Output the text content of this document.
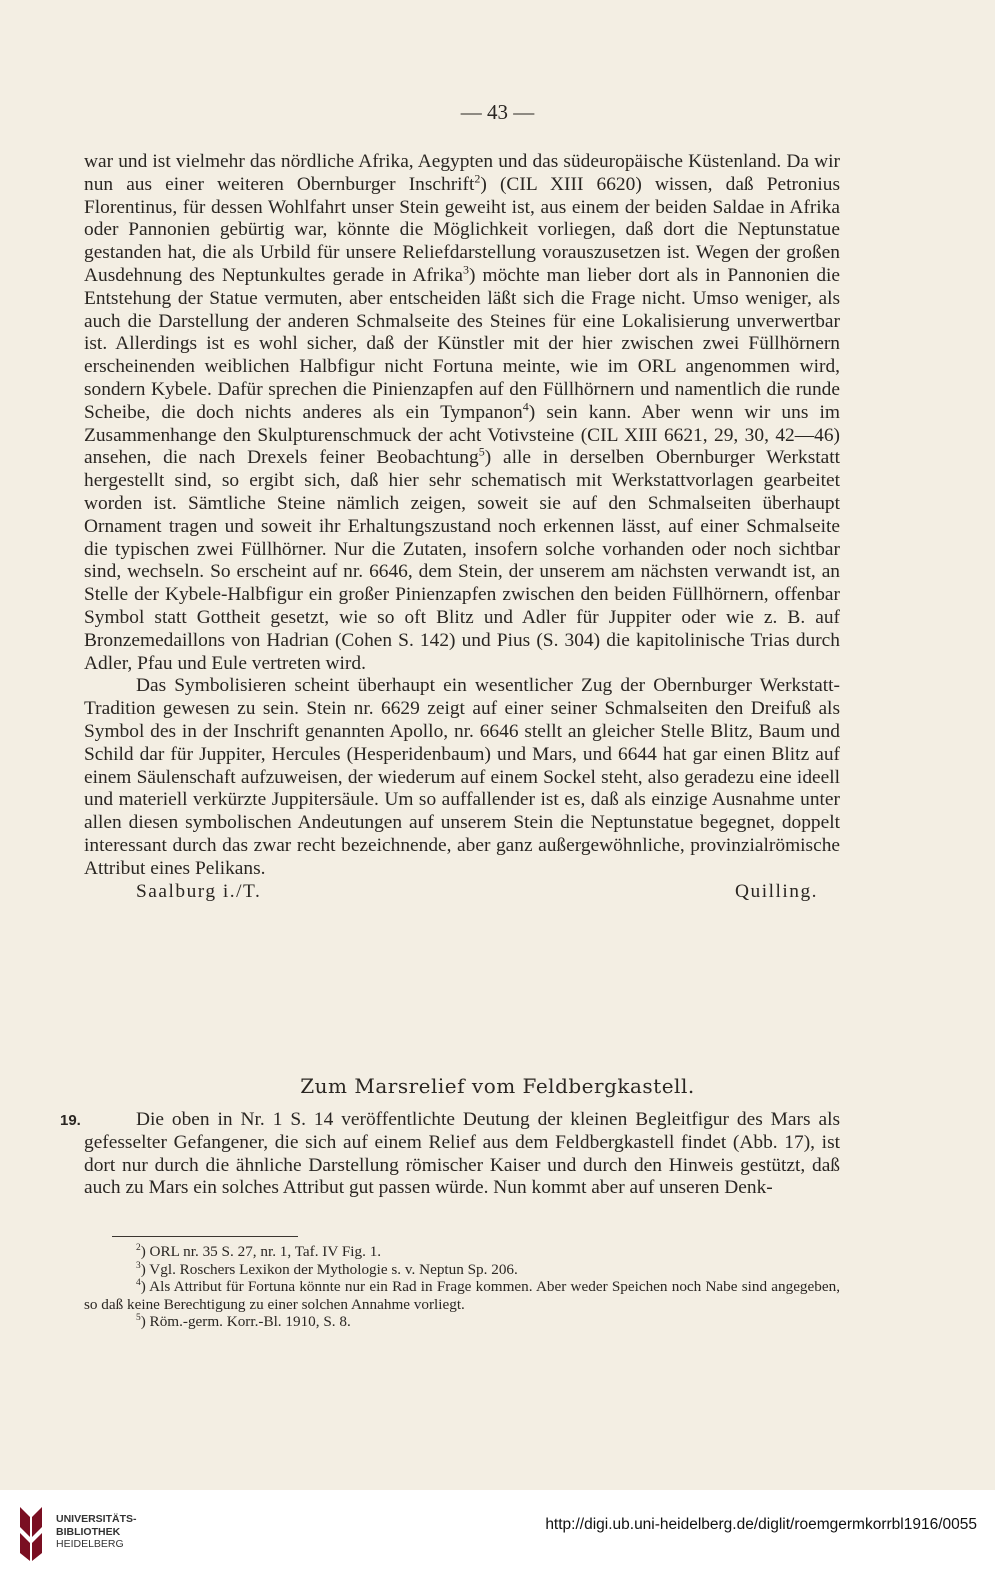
— 43 —

war und ist vielmehr das nördliche Afrika, Aegypten und das südeuropäische Küstenland. Da wir nun aus einer weiteren Obernburger Inschrift$^2$) (CIL XIII 6620) wissen, daß Petronius Florentinus, für dessen Wohlfahrt unser Stein geweiht ist, aus einem der beiden Saldae in Afrika oder Pannonien gebürtig war, könnte die Möglichkeit vorliegen, daß dort die Neptunstatue gestanden hat, die als Urbild für unsere Reliefdarstellung vorauszusetzen ist. Wegen der großen Ausdehnung des Neptunkultes gerade in Afrika$^3$) möchte man lieber dort als in Pannonien die Entstehung der Statue vermuten, aber entscheiden läßt sich die Frage nicht. Umso weniger, als auch die Darstellung der anderen Schmalseite des Steines für eine Lokalisierung unverwertbar ist. Allerdings ist es wohl sicher, daß der Künstler mit der hier zwischen zwei Füllhörnern erscheinenden weiblichen Halbfigur nicht Fortuna meinte, wie im ORL angenommen wird, sondern Kybele. Dafür sprechen die Pinienzapfen auf den Füllhörnern und namentlich die runde Scheibe, die doch nichts anderes als ein Tympanon$^4$) sein kann. Aber wenn wir uns im Zusammenhange den Skulpturenschmuck der acht Votivsteine (CIL XIII 6621, 29, 30, 42—46) ansehen, die nach Drexels feiner Beobachtung$^5$) alle in derselben Obernburger Werkstatt hergestellt sind, so ergibt sich, daß hier sehr schematisch mit Werkstattvorlagen gearbeitet worden ist. Sämtliche Steine nämlich zeigen, soweit sie auf den Schmalseiten überhaupt Ornament tragen und soweit ihr Erhaltungszustand noch erkennen lässt, auf einer Schmalseite die typischen zwei Füllhörner. Nur die Zutaten, insofern solche vorhanden oder noch sichtbar sind, wechseln. So erscheint auf nr. 6646, dem Stein, der unserem am nächsten verwandt ist, an Stelle der Kybele-Halbfigur ein großer Pinienzapfen zwischen den beiden Füllhörnern, offenbar Symbol statt Gottheit gesetzt, wie so oft Blitz und Adler für Juppiter oder wie z. B. auf Bronzemedaillons von Hadrian (Cohen S. 142) und Pius (S. 304) die kapitolinische Trias durch Adler, Pfau und Eule vertreten wird.

Das Symbolisieren scheint überhaupt ein wesentlicher Zug der Obernburger Werkstatt-Tradition gewesen zu sein. Stein nr. 6629 zeigt auf einer seiner Schmalseiten den Dreifuß als Symbol des in der Inschrift genannten Apollo, nr. 6646 stellt an gleicher Stelle Blitz, Baum und Schild dar für Juppiter, Hercules (Hesperidenbaum) und Mars, und 6644 hat gar einen Blitz auf einem Säulenschaft aufzuweisen, der wiederum auf einem Sockel steht, also geradezu eine ideell und materiell verkürzte Juppitersäule. Um so auffallender ist es, daß als einzige Ausnahme unter allen diesen symbolischen Andeutungen auf unserem Stein die Neptunstatue begegnet, doppelt interessant durch das zwar recht bezeichnende, aber ganz außergewöhnliche, provinzialrömische Attribut eines Pelikans.

Saalburg i./T.	Quilling.
Zum Marsrelief vom Feldbergkastell.
19.	Die oben in Nr. 1 S. 14 veröffentlichte Deutung der kleinen Begleitfigur des Mars als gefesselter Gefangener, die sich auf einem Relief aus dem Feldbergkastell findet (Abb. 17), ist dort nur durch die ähnliche Darstellung römischer Kaiser und durch den Hinweis gestützt, daß auch zu Mars ein solches Attribut gut passen würde. Nun kommt aber auf unseren Denk-

$^2$) ORL nr. 35 S. 27, nr. 1, Taf. IV Fig. 1.

$^3$) Vgl. Roschers Lexikon der Mythologie s. v. Neptun Sp. 206.

$^4$) Als Attribut für Fortuna könnte nur ein Rad in Frage kommen. Aber weder Speichen noch Nabe sind angegeben, so daß keine Berechtigung zu einer solchen Annahme vorliegt.

$^5$) Röm.-germ. Korr.-Bl. 1910, S. 8.

UNIVERSITÄTS-
BIBLIOTHEK
HEIDELBERG
http://digi.ub.uni-heidelberg.de/diglit/roemgermkorrbl1916/0055
